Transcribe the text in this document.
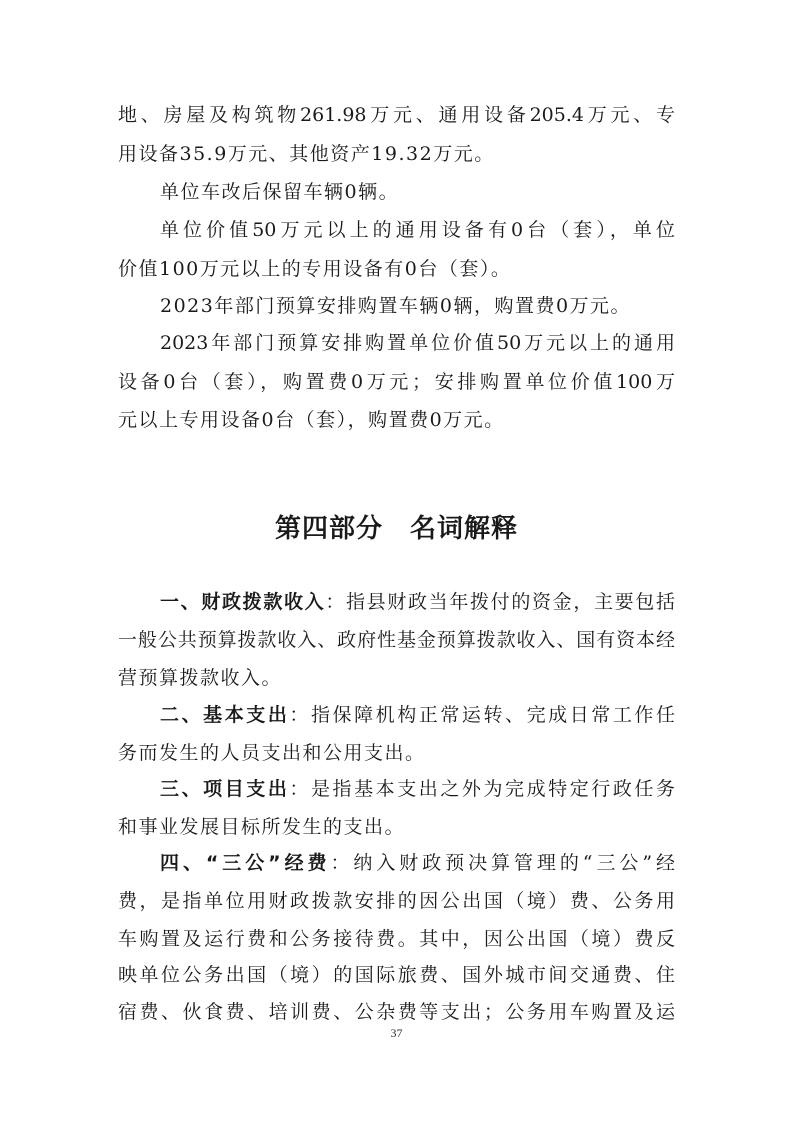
地、房屋及构筑物261.98万元、通用设备205.4万元、专
用设备35.9万元、其他资产19.32万元。
单位车改后保留车辆0辆。
单位价值50万元以上的通用设备有0台（套），单位
价值100万元以上的专用设备有0台（套）。
2023年部门预算安排购置车辆0辆，购置费0万元。
2023年部门预算安排购置单位价值50万元以上的通用
设备0台（套），购置费0万元；安排购置单位价值100万
元以上专用设备0台（套），购置费0万元。
第四部分　名词解释
一、财政拨款收入：指县财政当年拨付的资金，主要包括
一般公共预算拨款收入、政府性基金预算拨款收入、国有资本经
营预算拨款收入。
二、基本支出：指保障机构正常运转、完成日常工作任
务而发生的人员支出和公用支出。
三、项目支出：是指基本支出之外为完成特定行政任务
和事业发展目标所发生的支出。
四、“三公”经费：纳入财政预决算管理的“三公”经
费，是指单位用财政拨款安排的因公出国（境）费、公务用
车购置及运行费和公务接待费。其中，因公出国（境）费反
映单位公务出国（境）的国际旅费、国外城市间交通费、住
宿费、伙食费、培训费、公杂费等支出；公务用车购置及运
37
